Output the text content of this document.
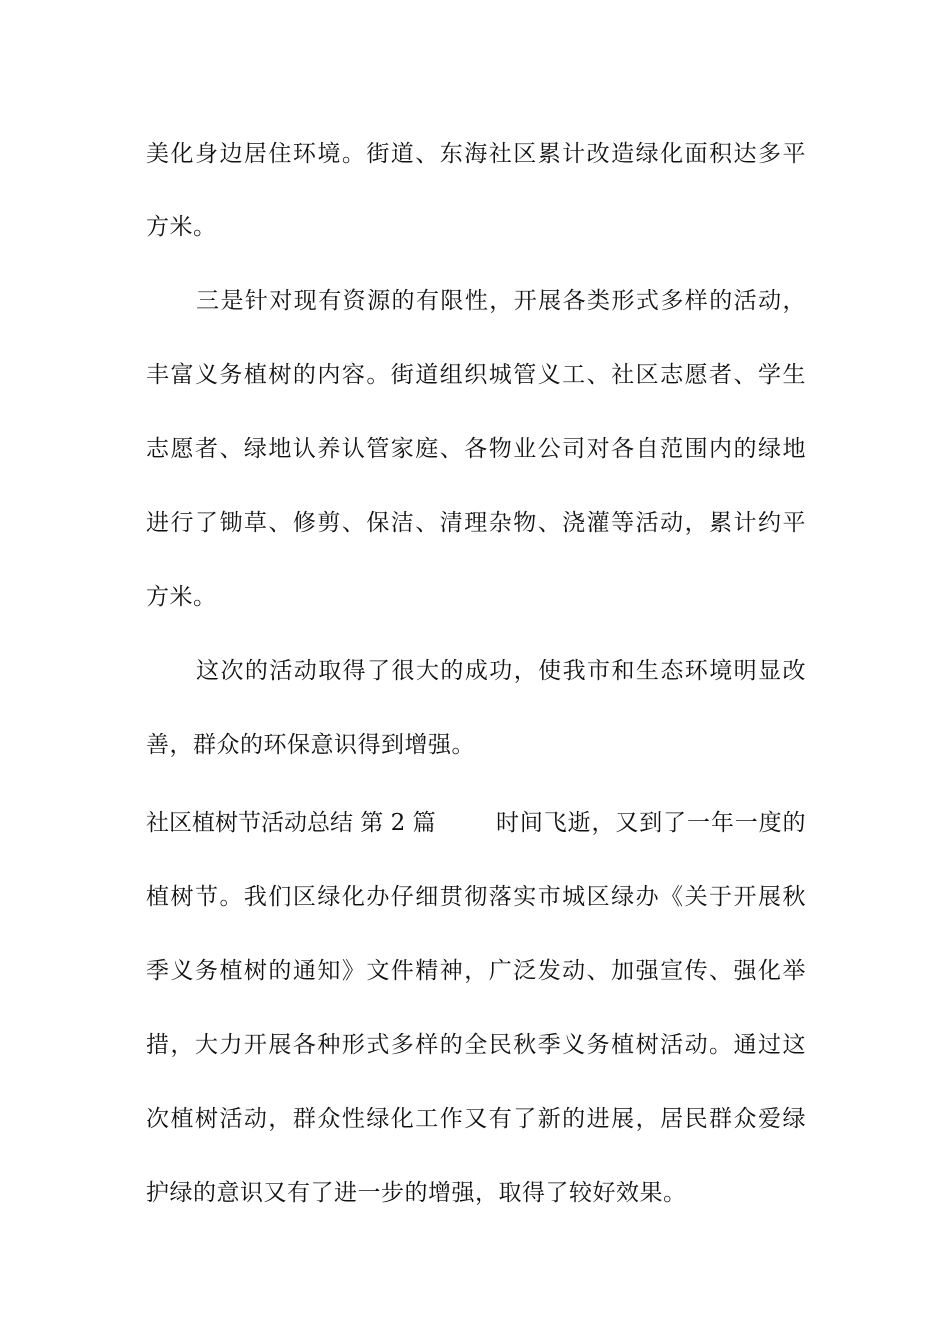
美化身边居住环境。街道、东海社区累计改造绿化面积达多平
方米。
三是针对现有资源的有限性，开展各类形式多样的活动，
丰富义务植树的内容。街道组织城管义工、社区志愿者、学生
志愿者、绿地认养认管家庭、各物业公司对各自范围内的绿地
进行了锄草、修剪、保洁、清理杂物、浇灌等活动，累计约平
方米。
这次的活动取得了很大的成功，使我市和生态环境明显改
善，群众的环保意识得到增强。
社区植树节活动总结 第 2 篇	时间飞逝，又到了一年一度的
植树节。我们区绿化办仔细贯彻落实市城区绿办《关于开展秋
季义务植树的通知》文件精神，广泛发动、加强宣传、强化举
措，大力开展各种形式多样的全民秋季义务植树活动。通过这
次植树活动，群众性绿化工作又有了新的进展，居民群众爱绿
护绿的意识又有了进一步的增强，取得了较好效果。
